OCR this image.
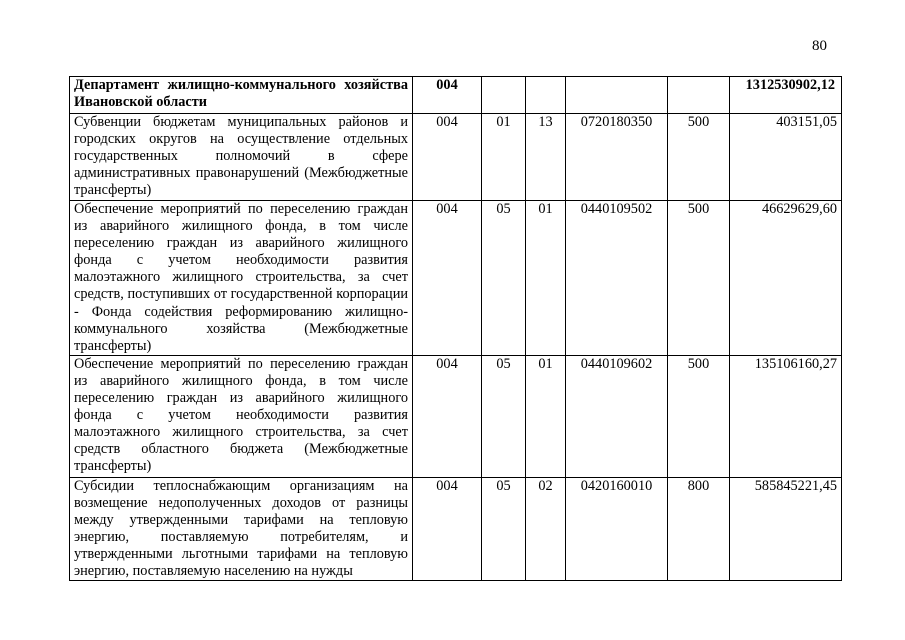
80
Департамент жилищно-коммунального хозяйства Ивановской области	004					1312530902,12
Субвенции бюджетам муниципальных районов и городских округов на осуществление отдельных государственных полномочий в сфере административных правонарушений (Межбюджетные трансферты)	004	01	13	0720180350	500	403151,05
Обеспечение мероприятий по переселению граждан из аварийного жилищного фонда, в том числе переселению граждан из аварийного жилищного фонда с учетом необходимости развития малоэтажного жилищного строительства, за счет средств, поступивших от государственной корпорации - Фонда содействия реформированию жилищно-коммунального хозяйства (Межбюджетные трансферты)	004	05	01	0440109502	500	46629629,60
Обеспечение мероприятий по переселению граждан из аварийного жилищного фонда, в том числе переселению граждан из аварийного жилищного фонда с учетом необходимости развития малоэтажного жилищного строительства, за счет средств областного бюджета (Межбюджетные трансферты)	004	05	01	0440109602	500	135106160,27
Субсидии теплоснабжающим организациям на возмещение недополученных доходов от разницы между утвержденными тарифами на тепловую энергию, поставляемую потребителям, и утвержденными льготными тарифами на тепловую энергию, поставляемую населению на нужды	004	05	02	0420160010	800	585845221,45
